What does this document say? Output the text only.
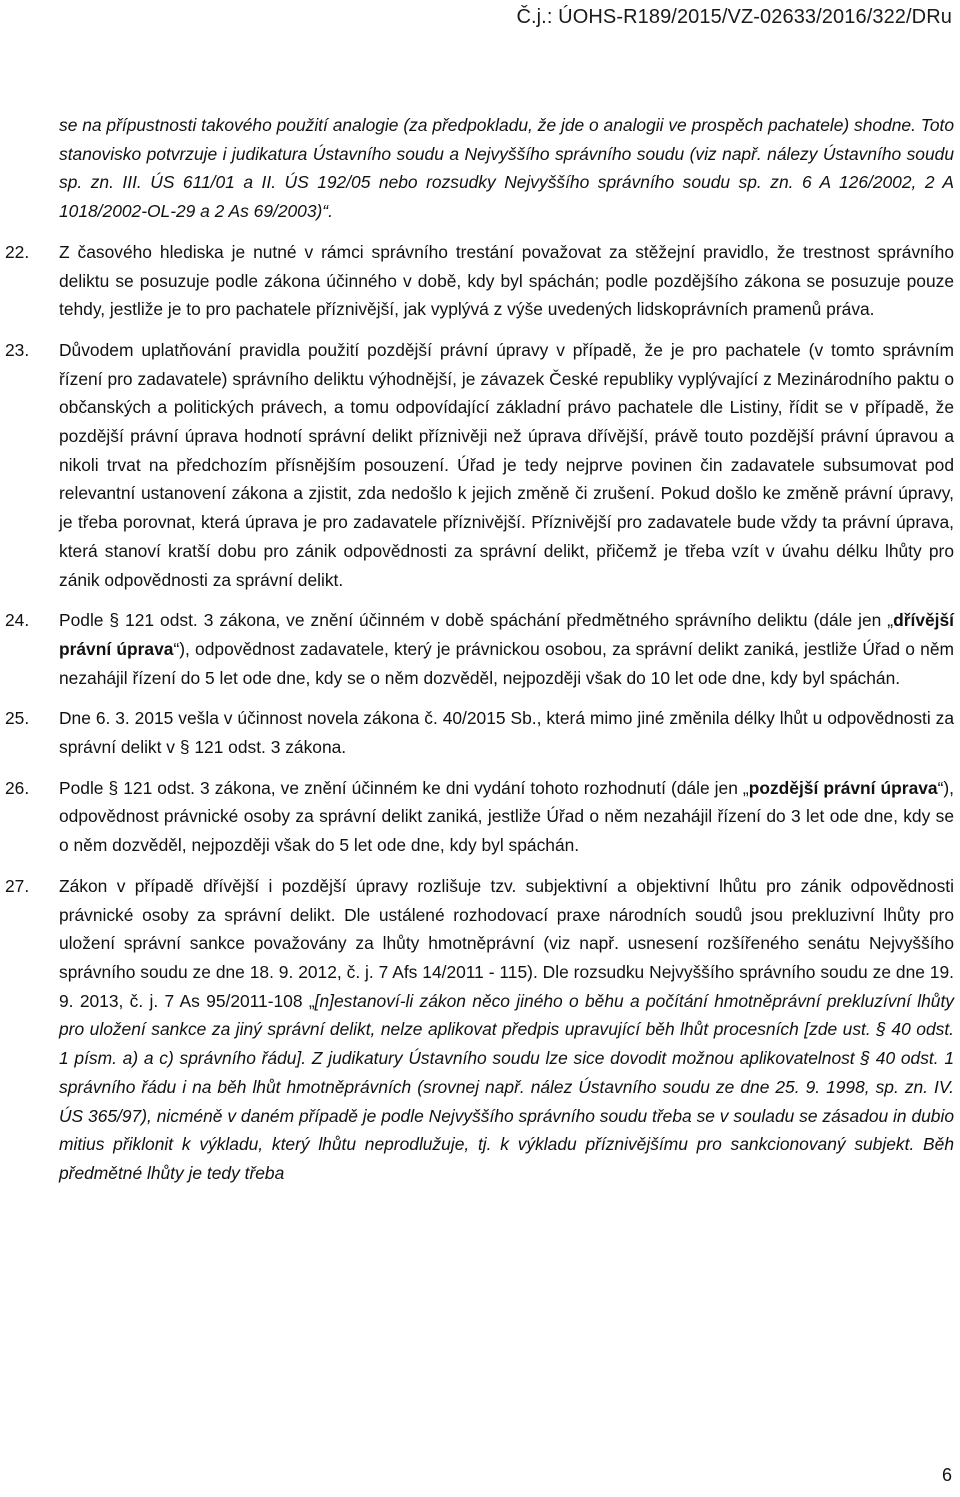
Č.j.: ÚOHS-R189/2015/VZ-02633/2016/322/DRu

se na přípustnosti takového použití analogie (za předpokladu, že jde o analogii ve prospěch pachatele) shodne. Toto stanovisko potvrzuje i judikatura Ústavního soudu a Nejvyššího správního soudu (viz např. nálezy Ústavního soudu sp. zn. III. ÚS 611/01 a II. ÚS 192/05 nebo rozsudky Nejvyššího správního soudu sp. zn. 6 A 126/2002, 2 A 1018/2002-OL-29 a 2 As 69/2003)“.

22.	Z časového hlediska je nutné v rámci správního trestání považovat za stěžejní pravidlo, že trestnost správního deliktu se posuzuje podle zákona účinného v době, kdy byl spáchán; podle pozdějšího zákona se posuzuje pouze tehdy, jestliže je to pro pachatele příznivější, jak vyplývá z výše uvedených lidskoprávních pramenů práva.
23.	Důvodem uplatňování pravidla použití pozdější právní úpravy v případě, že je pro pachatele (v tomto správním řízení pro zadavatele) správního deliktu výhodnější, je závazek České republiky vyplývající z Mezinárodního paktu o občanských a politických právech, a tomu odpovídající základní právo pachatele dle Listiny, řídit se v případě, že pozdější právní úprava hodnotí správní delikt příznivěji než úprava dřívější, právě touto pozdější právní úpravou a nikoli trvat na předchozím přísnějším posouzení. Úřad je tedy nejprve povinen čin zadavatele subsumovat pod relevantní ustanovení zákona a zjistit, zda nedošlo k jejich změně či zrušení. Pokud došlo ke změně právní úpravy, je třeba porovnat, která úprava je pro zadavatele příznivější. Příznivější pro zadavatele bude vždy ta právní úprava, která stanoví kratší dobu pro zánik odpovědnosti za správní delikt, přičemž je třeba vzít v úvahu délku lhůty pro zánik odpovědnosti za správní delikt.
24.	Podle § 121 odst. 3 zákona, ve znění účinném v době spáchání předmětného správního deliktu (dále jen „dřívější právní úprava“), odpovědnost zadavatele, který je právnickou osobou, za správní delikt zaniká, jestliže Úřad o něm nezahájil řízení do 5 let ode dne, kdy se o něm dozvěděl, nejpozději však do 10 let ode dne, kdy byl spáchán.
25.	Dne 6. 3. 2015 vešla v účinnost novela zákona č. 40/2015 Sb., která mimo jiné změnila délky lhůt u odpovědnosti za správní delikt v § 121 odst. 3 zákona.
26.	Podle § 121 odst. 3 zákona, ve znění účinném ke dni vydání tohoto rozhodnutí (dále jen „pozdější právní úprava“), odpovědnost právnické osoby za správní delikt zaniká, jestliže Úřad o něm nezahájil řízení do 3 let ode dne, kdy se o něm dozvěděl, nejpozději však do 5 let ode dne, kdy byl spáchán.
27.	Zákon v případě dřívější i pozdější úpravy rozlišuje tzv. subjektivní a objektivní lhůtu pro zánik odpovědnosti právnické osoby za správní delikt. Dle ustálené rozhodovací praxe národních soudů jsou prekluzivní lhůty pro uložení správní sankce považovány za lhůty hmotněprávní (viz např. usnesení rozšířeného senátu Nejvyššího správního soudu ze dne 18. 9. 2012, č. j. 7 Afs 14/2011 - 115). Dle rozsudku Nejvyššího správního soudu ze dne 19. 9. 2013, č. j. 7 As 95/2011-108 „[n]estanoví-li zákon něco jiného o běhu a počítání hmotněprávní prekluzívní lhůty pro uložení sankce za jiný správní delikt, nelze aplikovat předpis upravující běh lhůt procesních [zde ust. § 40 odst. 1 písm. a) a c) správního řádu]. Z judikatury Ústavního soudu lze sice dovodit možnou aplikovatelnost § 40 odst. 1 správního řádu i na běh lhůt hmotněprávních (srovnej např. nález Ústavního soudu ze dne 25. 9. 1998, sp. zn. IV. ÚS 365/97), nicméně v daném případě je podle Nejvyššího správního soudu třeba se v souladu se zásadou in dubio mitius přiklonit k výkladu, který lhůtu neprodlužuje, tj. k výkladu příznivějšímu pro sankcionovaný subjekt. Běh předmětné lhůty je tedy třeba
6
